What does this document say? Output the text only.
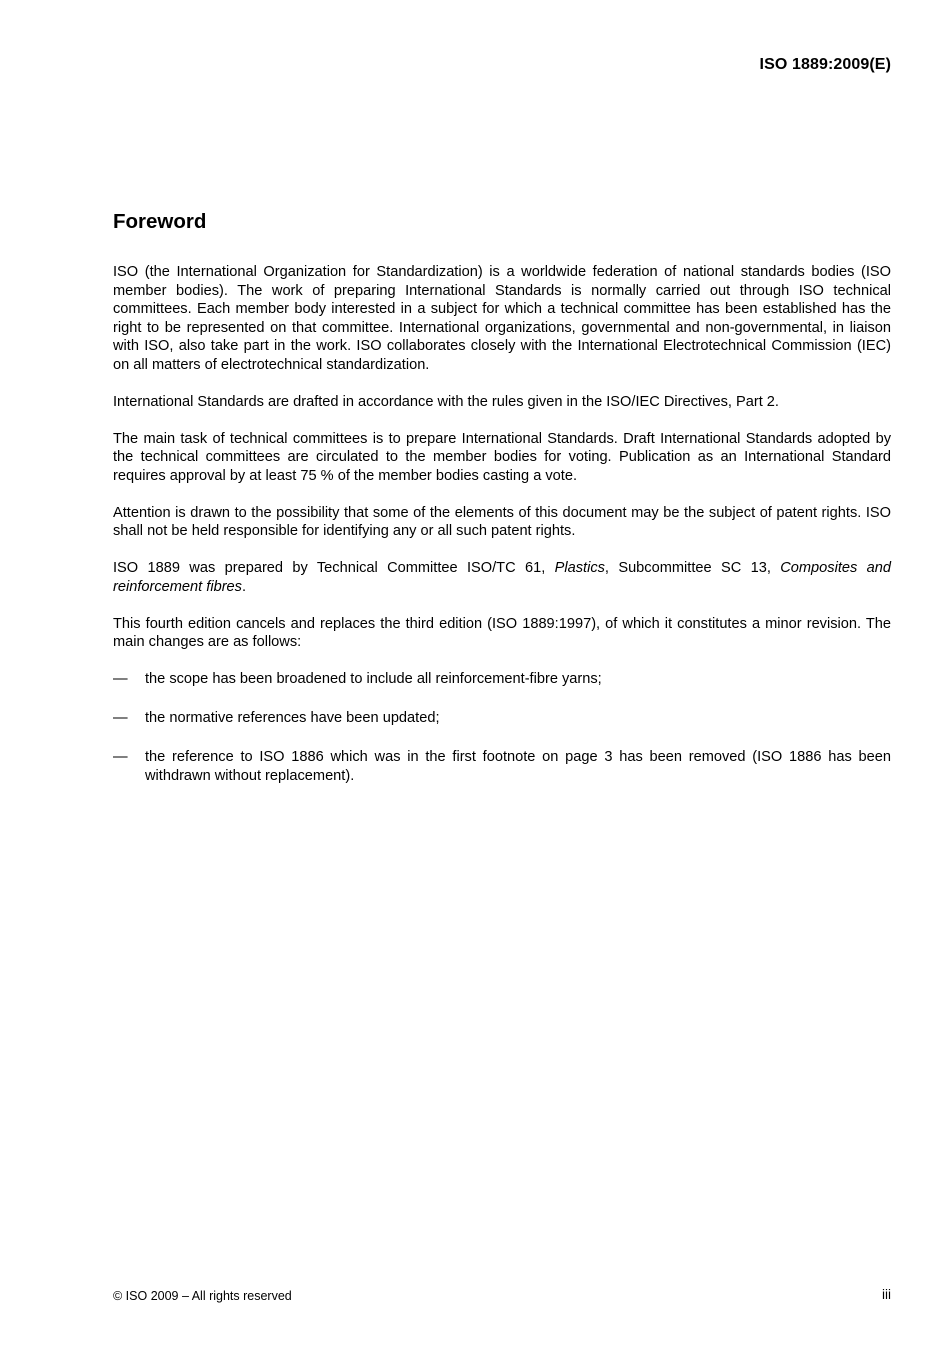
ISO 1889:2009(E)
Foreword

ISO (the International Organization for Standardization) is a worldwide federation of national standards bodies (ISO member bodies). The work of preparing International Standards is normally carried out through ISO technical committees. Each member body interested in a subject for which a technical committee has been established has the right to be represented on that committee. International organizations, governmental and non-governmental, in liaison with ISO, also take part in the work. ISO collaborates closely with the International Electrotechnical Commission (IEC) on all matters of electrotechnical standardization.

International Standards are drafted in accordance with the rules given in the ISO/IEC Directives, Part 2.

The main task of technical committees is to prepare International Standards. Draft International Standards adopted by the technical committees are circulated to the member bodies for voting. Publication as an International Standard requires approval by at least 75 % of the member bodies casting a vote.

Attention is drawn to the possibility that some of the elements of this document may be the subject of patent rights. ISO shall not be held responsible for identifying any or all such patent rights.

ISO 1889 was prepared by Technical Committee ISO/TC 61, Plastics, Subcommittee SC 13, Composites and reinforcement fibres.

This fourth edition cancels and replaces the third edition (ISO 1889:1997), of which it constitutes a minor revision. The main changes are as follows:

— the scope has been broadened to include all reinforcement-fibre yarns;
— the normative references have been updated;
— the reference to ISO 1886 which was in the first footnote on page 3 has been removed (ISO 1886 has been withdrawn without replacement).
© ISO 2009 – All rights reserved	iii
